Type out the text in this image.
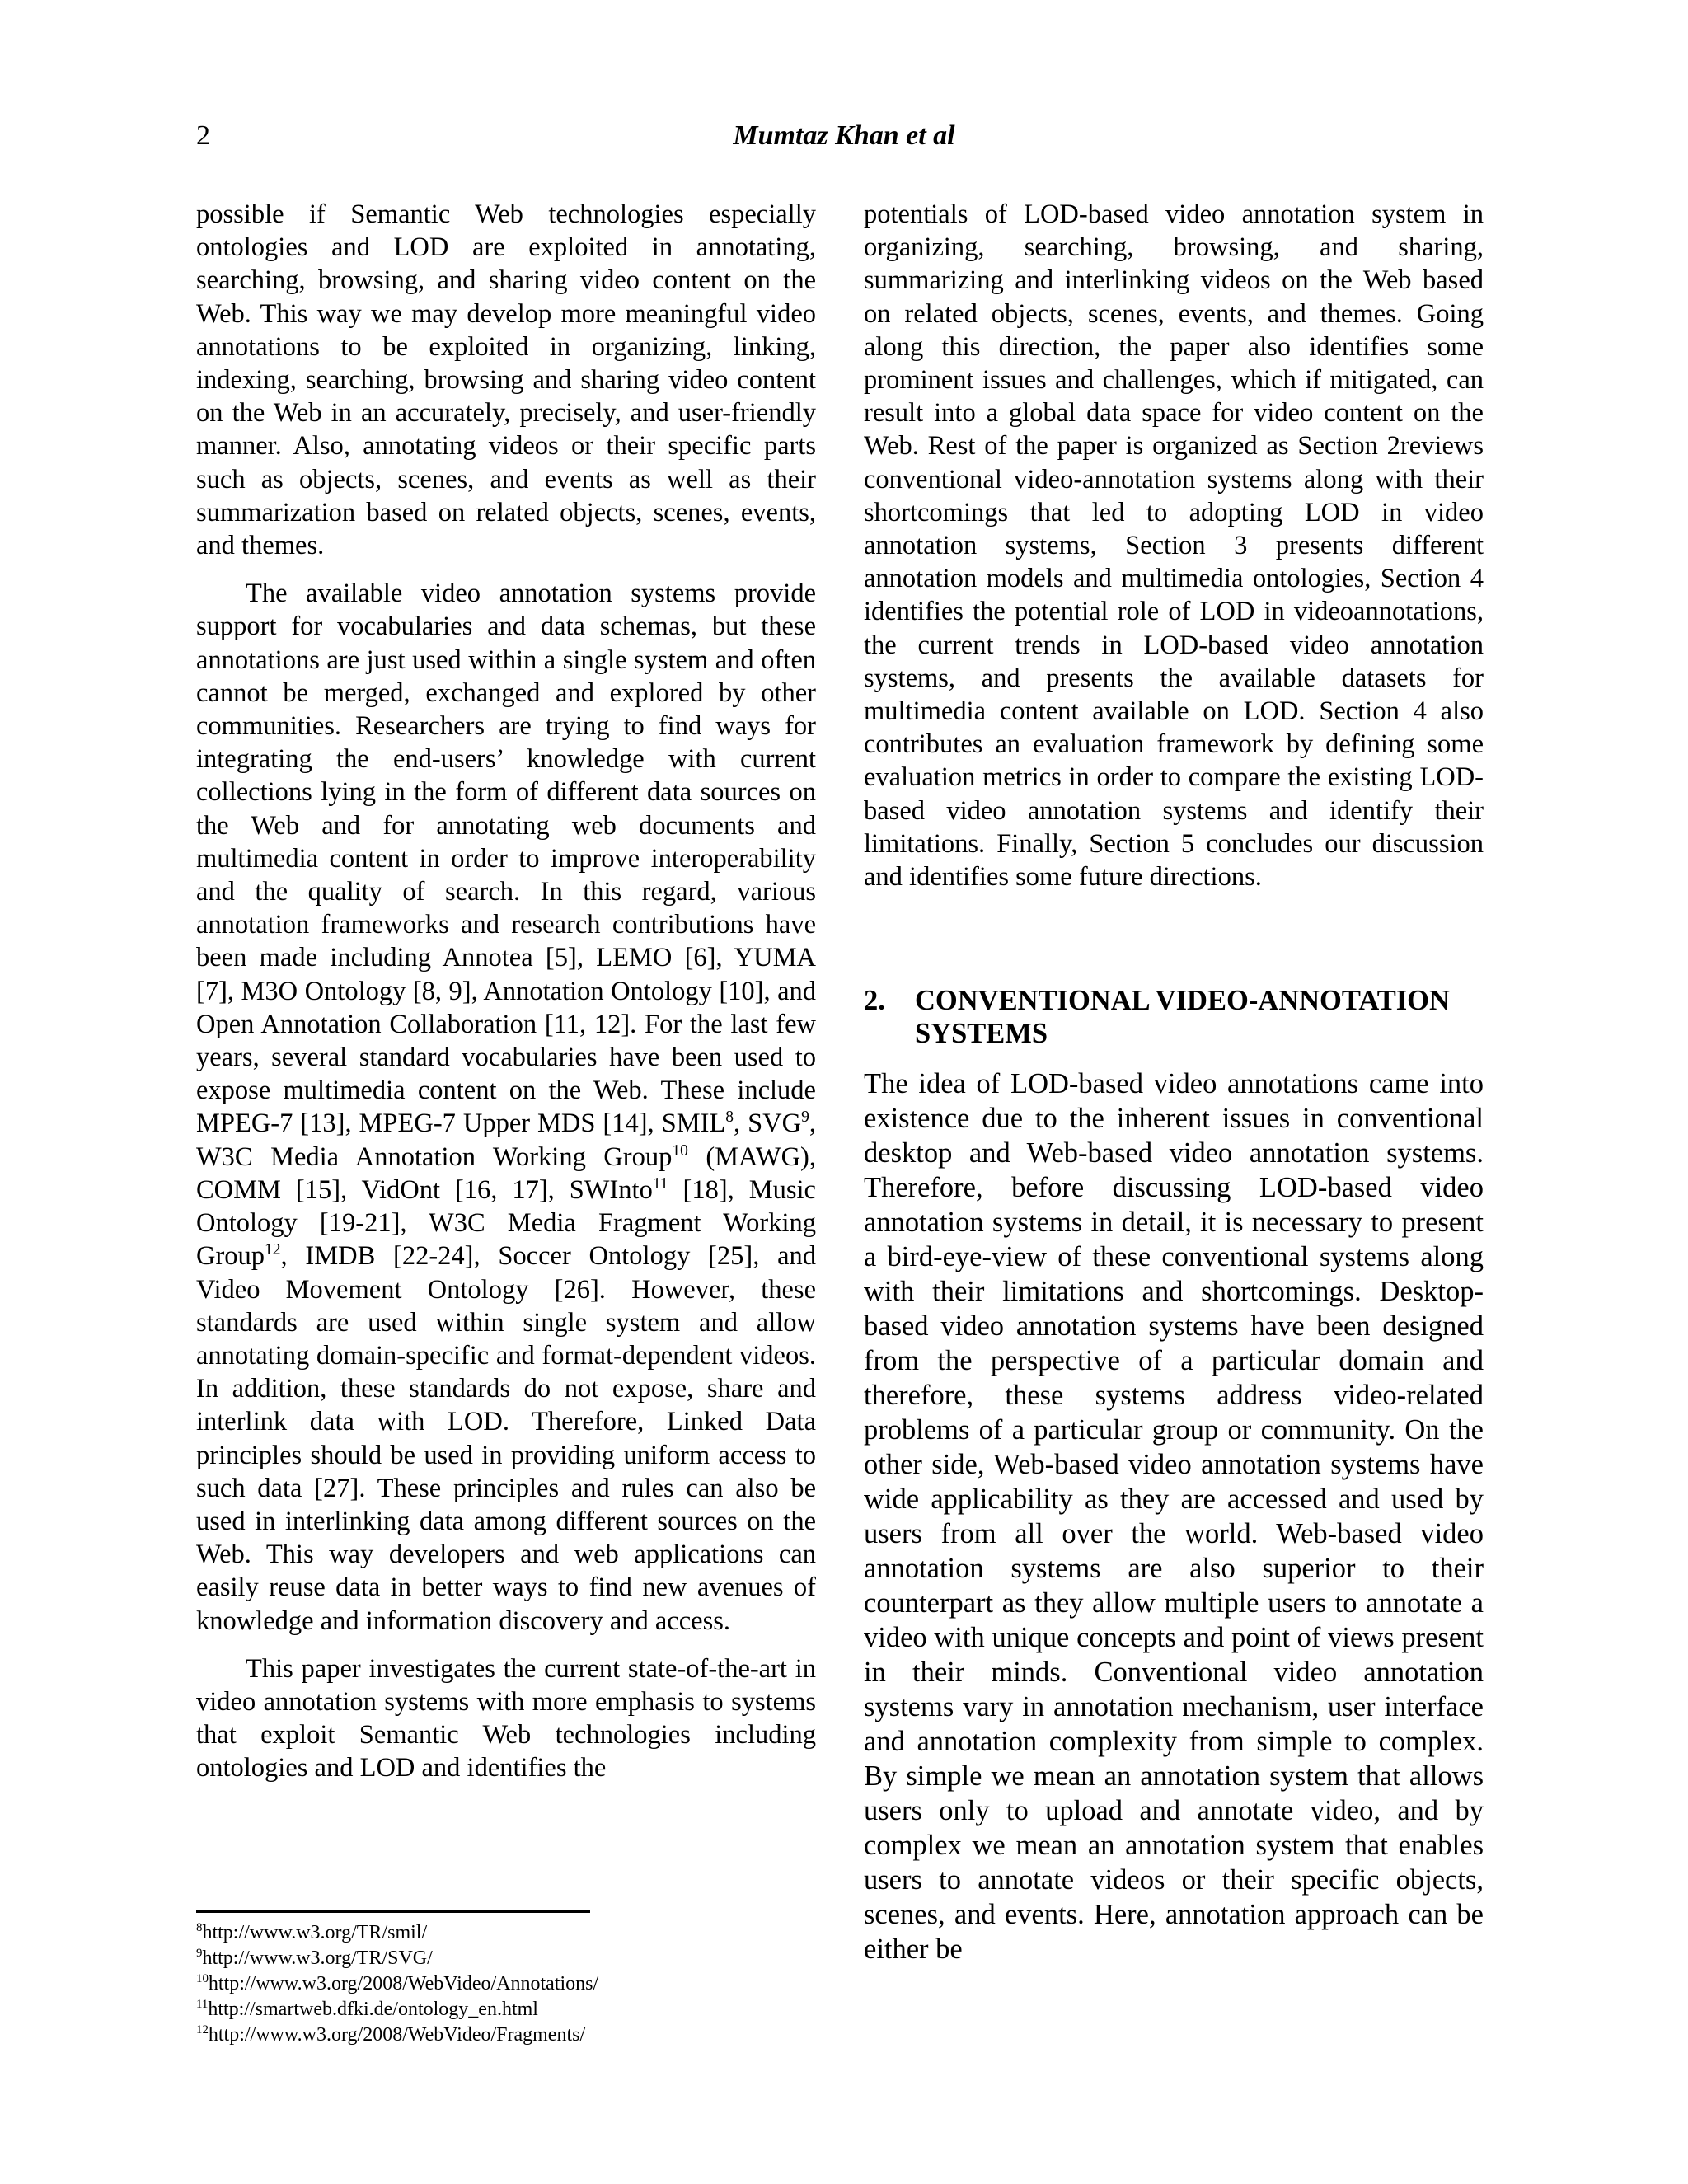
2	Mumtaz Khan et al

possible if Semantic Web technologies especially ontologies and LOD are exploited in annotating, searching, browsing, and sharing video content on the Web. This way we may develop more meaningful video annotations to be exploited in organizing, linking, indexing, searching, browsing and sharing video content on the Web in an accurately, precisely, and user-friendly manner. Also, annotating videos or their specific parts such as objects, scenes, and events as well as their summarization based on related objects, scenes, events, and themes.

The available video annotation systems provide support for vocabularies and data schemas, but these annotations are just used within a single system and often cannot be merged, exchanged and explored by other communities. Researchers are trying to find ways for integrating the end-users’ knowledge with current collections lying in the form of different data sources on the Web and for annotating web documents and multimedia content in order to improve interoperability and the quality of search. In this regard, various annotation frameworks and research contributions have been made including Annotea [5], LEMO [6], YUMA [7], M3O Ontology [8, 9], Annotation Ontology [10], and Open Annotation Collaboration [11, 12]. For the last few years, several standard vocabularies have been used to expose multimedia content on the Web. These include MPEG-7 [13], MPEG-7 Upper MDS [14], SMIL$^8$, SVG$^9$, W3C Media Annotation Working Group$^{10}$ (MAWG), COMM [15], VidOnt [16, 17], SWInto$^{11}$ [18], Music Ontology [19-21], W3C Media Fragment Working Group$^{12}$, IMDB [22-24], Soccer Ontology [25], and Video Movement Ontology [26]. However, these standards are used within single system and allow annotating domain-specific and format-dependent videos. In addition, these standards do not expose, share and interlink data with LOD. Therefore, Linked Data principles should be used in providing uniform access to such data [27]. These principles and rules can also be used in interlinking data among different sources on the Web. This way developers and web applications can easily reuse data in better ways to find new avenues of knowledge and information discovery and access.

This paper investigates the current state-of-the-art in video annotation systems with more emphasis to systems that exploit Semantic Web technologies including ontologies and LOD and identifies the

$^8$http://www.w3.org/TR/smil/
$^9$http://www.w3.org/TR/SVG/
$^{10}$http://www.w3.org/2008/WebVideo/Annotations/
$^{11}$http://smartweb.dfki.de/ontology_en.html
$^{12}$http://www.w3.org/2008/WebVideo/Fragments/

potentials of LOD-based video annotation system in organizing, searching, browsing, and sharing, summarizing and interlinking videos on the Web based on related objects, scenes, events, and themes. Going along this direction, the paper also identifies some prominent issues and challenges, which if mitigated, can result into a global data space for video content on the Web. Rest of the paper is organized as Section 2reviews conventional video-annotation systems along with their shortcomings that led to adopting LOD in video annotation systems, Section 3 presents different annotation models and multimedia ontologies, Section 4 identifies the potential role of LOD in videoannotations, the current trends in LOD-based video annotation systems, and presents the available datasets for multimedia content available on LOD. Section 4 also contributes an evaluation framework by defining some evaluation metrics in order to compare the existing LOD-based video annotation systems and identify their limitations. Finally, Section 5 concludes our discussion and identifies some future directions.

2.	CONVENTIONAL VIDEO-ANNOTATION SYSTEMS

The idea of LOD-based video annotations came into existence due to the inherent issues in conventional desktop and Web-based video annotation systems. Therefore, before discussing LOD-based video annotation systems in detail, it is necessary to present a bird-eye-view of these conventional systems along with their limitations and shortcomings. Desktop-based video annotation systems have been designed from the perspective of a particular domain and therefore, these systems address video-related problems of a particular group or community. On the other side, Web-based video annotation systems have wide applicability as they are accessed and used by users from all over the world. Web-based video annotation systems are also superior to their counterpart as they allow multiple users to annotate a video with unique concepts and point of views present in their minds. Conventional video annotation systems vary in annotation mechanism, user interface and annotation complexity from simple to complex. By simple we mean an annotation system that allows users only to upload and annotate video, and by complex we mean an annotation system that enables users to annotate videos or their specific objects, scenes, and events. Here, annotation approach can be either be
